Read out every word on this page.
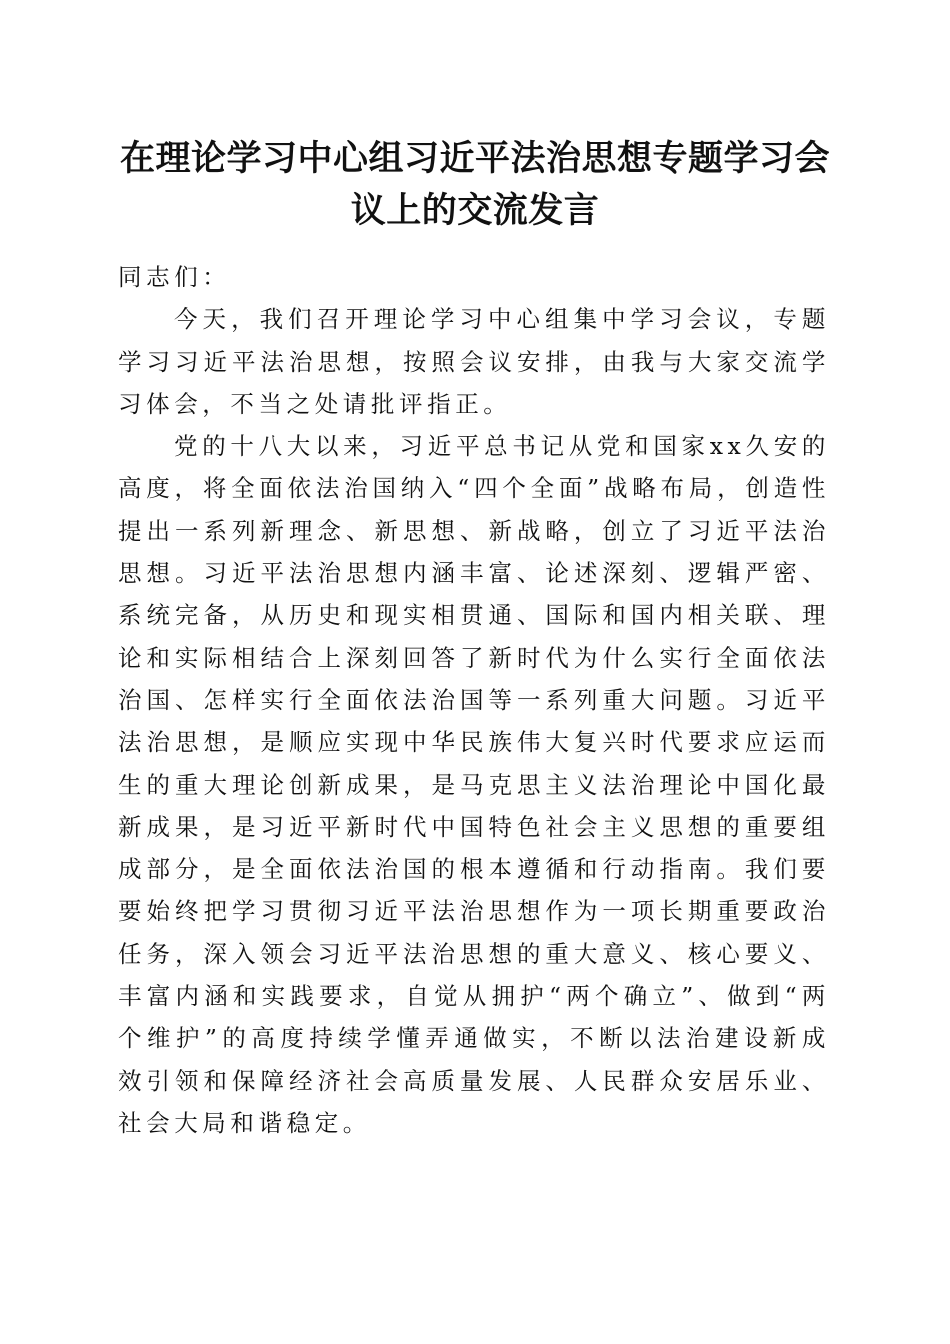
在理论学习中心组习近平法治思想专题学习会议上的交流发言

同志们：

今天，我们召开理论学习中心组集中学习会议，专题学习习近平法治思想，按照会议安排，由我与大家交流学习体会，不当之处请批评指正。

党的十八大以来，习近平总书记从党和国家xx久安的高度，将全面依法治国纳入“四个全面”战略布局，创造性提出一系列新理念、新思想、新战略，创立了习近平法治思想。习近平法治思想内涵丰富、论述深刻、逻辑严密、系统完备，从历史和现实相贯通、国际和国内相关联、理论和实际相结合上深刻回答了新时代为什么实行全面依法治国、怎样实行全面依法治国等一系列重大问题。习近平法治思想，是顺应实现中华民族伟大复兴时代要求应运而生的重大理论创新成果，是马克思主义法治理论中国化最新成果，是习近平新时代中国特色社会主义思想的重要组成部分，是全面依法治国的根本遵循和行动指南。我们要要始终把学习贯彻习近平法治思想作为一项长期重要政治任务，深入领会习近平法治思想的重大意义、核心要义、丰富内涵和实践要求，自觉从拥护“两个确立”、做到“两个维护”的高度持续学懂弄通做实，不断以法治建设新成效引领和保障经济社会高质量发展、人民群众安居乐业、社会大局和谐稳定。
